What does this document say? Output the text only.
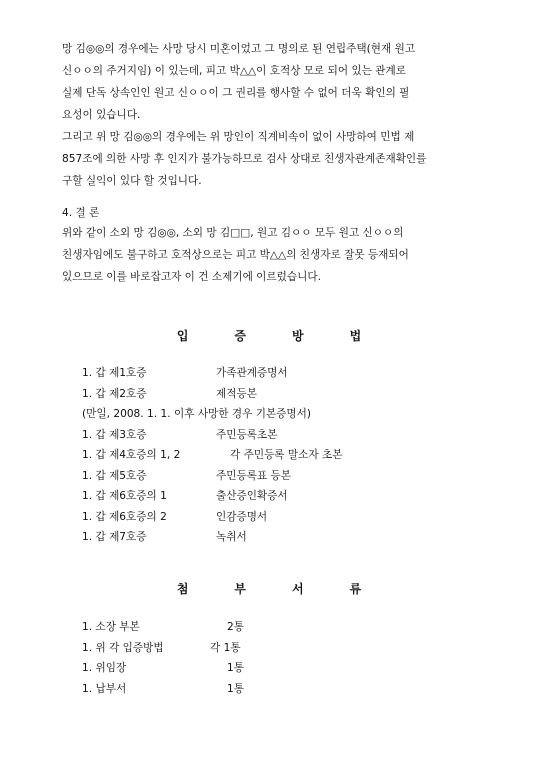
망 김◎◎의 경우에는 사망 당시 미혼이었고 그 명의로 된 연립주택(현재 원고
신ㅇㅇ의 주거지임) 이 있는데, 피고 박△△이 호적상 모로 되어 있는 관계로
실제 단독 상속인인 원고 신ㅇㅇ이 그 권리를 행사할 수 없어 더욱 확인의 필
요성이 있습니다.

그리고 위 망 김◎◎의 경우에는 위 망인이 직계비속이 없이 사망하여 민법 제
857조에 의한 사망 후 인지가 불가능하므로 검사 상대로 친생자관계존재확인를
구할 실익이 있다 할 것입니다.

4. 결 론

위와 같이 소외 망 김◎◎, 소외 망 김□□, 원고 김ㅇㅇ 모두 원고 신ㅇㅇ의
친생자임에도 불구하고 호적상으로는 피고 박△△의 친생자로 잘못 등재되어
있으므로 이를 바로잡고자 이 건 소제기에 이르렀습니다.

입	증	방	법
1. 갑 제1호증	가족관계증명서
1. 갑 제2호증	제적등본
(만일, 2008. 1. 1. 이후 사망한 경우 기본증명서)
1. 갑 제3호증	주민등록초본
1. 갑 제4호증의 1, 2	각 주민등록 말소자 초본
1. 갑 제5호증	주민등록표 등본
1. 갑 제6호증의 1	출산증인확증서
1. 갑 제6호증의 2	인감증명서
1. 갑 제7호증	녹취서
첨	부	서	류
1. 소장 부본	2통
1. 위 각 입증방법	각 1통
1. 위임장	1통
1. 납부서	1통
